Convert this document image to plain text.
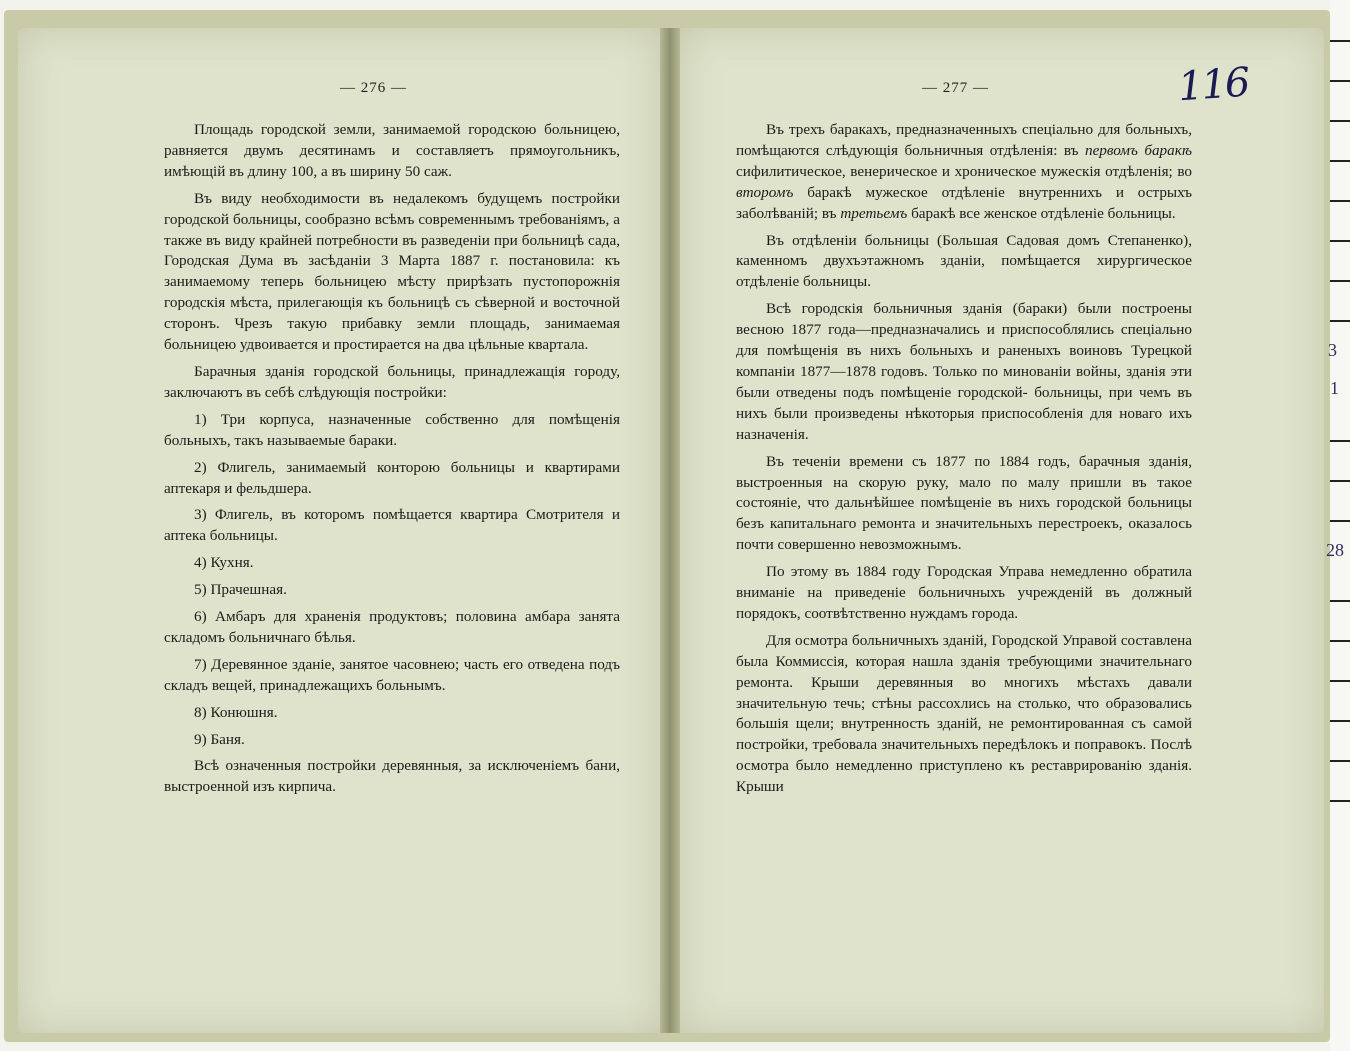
— 276 —

Площадь городской земли, занимаемой городскою больницею, равняется двумъ десятинамъ и составляетъ прямоугольникъ, имѣющій въ длину 100, а въ ширину 50 саж.

Въ виду необходимости въ недалекомъ будущемъ постройки городской больницы, сообразно всѣмъ современнымъ требованiямъ, а также въ виду крайней потребности въ разведенiи при больницѣ сада, Городская Дума въ засѣданiи 3 Марта 1887 г. постановила: къ занимаемому теперь больницею мѣсту прирѣзать пустопорожнія городскія мѣста, прилегающія къ больницѣ съ сѣверной и восточной сторонъ. Чрезъ такую прибавку земли площадь, занимаемая больницею удвоивается и простирается на два цѣльные квартала.

Барачныя зданія городской больницы, принадлежащія городу, заключаютъ въ себѣ слѣдующія постройки:

1) Три корпуса, назначенные собственно для помѣщенія больныхъ, такъ называемые бараки.

2) Флигель, занимаемый конторою больницы и квартирами аптекаря и фельдшера.

3) Флигель, въ которомъ помѣщается квартира Смотрителя и аптека больницы.

4) Кухня.

5) Прачешная.

6) Амбаръ для храненія продуктовъ; половина амбара занята складомъ больничнаго бѣлья.

7) Деревянное зданіе, занятое часовнею; часть его отведена подъ складъ вещей, принадлежащихъ больнымъ.

8) Конюшня.

9) Баня.

Всѣ означенныя постройки деревянныя, за исключеніемъ бани, выстроенной изъ кирпича.

— 277 —

Въ трехъ баракахъ, предназначенныхъ спеціально для больныхъ, помѣщаются слѣдующія больничныя отдѣленія: въ первомъ баракѣ сифилитическое, венерическое и хроническое мужескія отдѣленія; во второмъ баракѣ мужеское отдѣленіе внутреннихъ и острыхъ заболѣваній; въ третьемъ баракѣ все женское отдѣленіе больницы.

Въ отдѣленіи больницы (Большая Садовая домъ Степаненко), каменномъ двухъэтажномъ зданіи, помѣщается хирургическое отдѣленіе больницы.

Всѣ городскія больничныя зданія (бараки) были построены весною 1877 года—предназначались и приспособлялись спеціально для помѣщенія въ нихъ больныхъ и раненыхъ воиновъ Турецкой компаніи 1877—1878 годовъ. Только по миновaніи войны, зданія эти были отведены подъ помѣщеніе городской- больницы, при чемъ въ нихъ были произведены нѣкоторыя приспособленія для новаго ихъ назначенія.

Въ теченіи времени съ 1877 по 1884 годъ, барачныя зданія, выстроенныя на скорую руку, мало по малу пришли въ такое состояніе, что дальнѣйшее помѣщеніе въ нихъ городской больницы безъ капитальнаго ремонта и значительныхъ перестроекъ, оказалось почти совершенно невозможнымъ.

По этому въ 1884 году Городская Управа немедленно обратила вниманіе на приведеніе больничныхъ учрежденій въ должный порядокъ, соотвѣтственно нуждамъ города.

Для осмотра больничныхъ зданій, Городской Управой составлена была Коммиссія, которая нашла зданія требующими значительнаго ремонта. Крыши деревянныя во многихъ мѣстахъ давали значительную течь; стѣны рассохлись на столько, что образовались большія щели; внутренность зданій, не ремонтированная съ самой постройки, требовала значительныхъ передѣлокъ и поправокъ. Послѣ осмотра было немедленно приступлено къ реставрированiю зданія. Крыши

116
3
1
28
